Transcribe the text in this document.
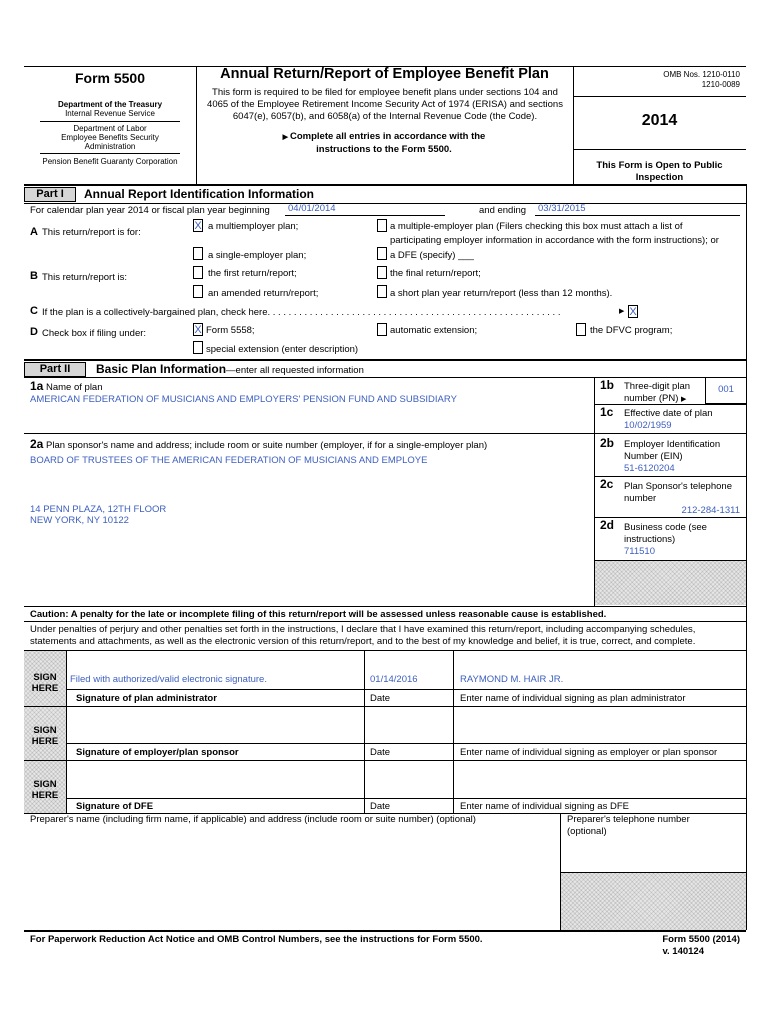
Form 5500
Department of the Treasury
Internal Revenue Service
Department of Labor
Employee Benefits Security
Administration
Pension Benefit Guaranty Corporation
Annual Return/Report of Employee Benefit Plan
This form is required to be filed for employee benefit plans under sections 104 and 4065 of the Employee Retirement Income Security Act of 1974 (ERISA) and sections 6047(e), 6057(b), and 6058(a) of the Internal Revenue Code (the Code).
▶ Complete all entries in accordance with the instructions to the Form 5500.
OMB Nos. 1210-0110
1210-0089
2014
This Form is Open to Public
Inspection
Part I	Annual Report Identification Information
For calendar plan year 2014 or fiscal plan year beginning 04/01/2014	and ending 03/31/2015
A This return/report is for:
X a multiemployer plan;	a multiple-employer plan (Filers checking this box must attach a list of
participating employer information in accordance with the form instructions); or
a single-employer plan;	a DFE (specify) ___
B This return/report is:	the first return/report;	the final return/report;
an amended return/report;	a short plan year return/report (less than 12 months).
C If the plan is a collectively-bargained plan, check here. . . . . . . . . . . . . . . . . . . . . . . . . . . . . . . . . . . . . . . . . . . . . . . . . . . . . . . .	▶ X
D Check box if filing under:	X Form 5558;	automatic extension;	the DFVC program;
special extension (enter description)
Part II	Basic Plan Information—enter all requested information
1a Name of plan
AMERICAN FEDERATION OF MUSICIANS AND EMPLOYERS' PENSION FUND AND SUBSIDIARY
1b Three-digit plan
number (PN) ▶
001
1c Effective date of plan
10/02/1959
2a Plan sponsor's name and address; include room or suite number (employer, if for a single-employer plan)
BOARD OF TRUSTEES OF THE AMERICAN FEDERATION OF MUSICIANS AND EMPLOYE
14 PENN PLAZA, 12TH FLOOR
NEW YORK, NY 10122
2b Employer Identification
Number (EIN)
51-6120204
2c Plan Sponsor's telephone
number
212-284-1311
2d Business code (see
instructions)
711510
Caution: A penalty for the late or incomplete filing of this return/report will be assessed unless reasonable cause is established.
Under penalties of perjury and other penalties set forth in the instructions, I declare that I have examined this return/report, including accompanying schedules,
statements and attachments, as well as the electronic version of this return/report, and to the best of my knowledge and belief, it is true, correct, and complete.
SIGN
HERE
Filed with authorized/valid electronic signature.	01/14/2016	RAYMOND M. HAIR JR.
Signature of plan administrator	Date	Enter name of individual signing as plan administrator
SIGN
HERE
Signature of employer/plan sponsor	Date	Enter name of individual signing as employer or plan sponsor
SIGN
HERE
Signature of DFE	Date	Enter name of individual signing as DFE
Preparer's name (including firm name, if applicable) and address (include room or suite number) (optional)	Preparer's telephone number
(optional)
For Paperwork Reduction Act Notice and OMB Control Numbers, see the instructions for Form 5500.	Form 5500 (2014)
v. 140124
